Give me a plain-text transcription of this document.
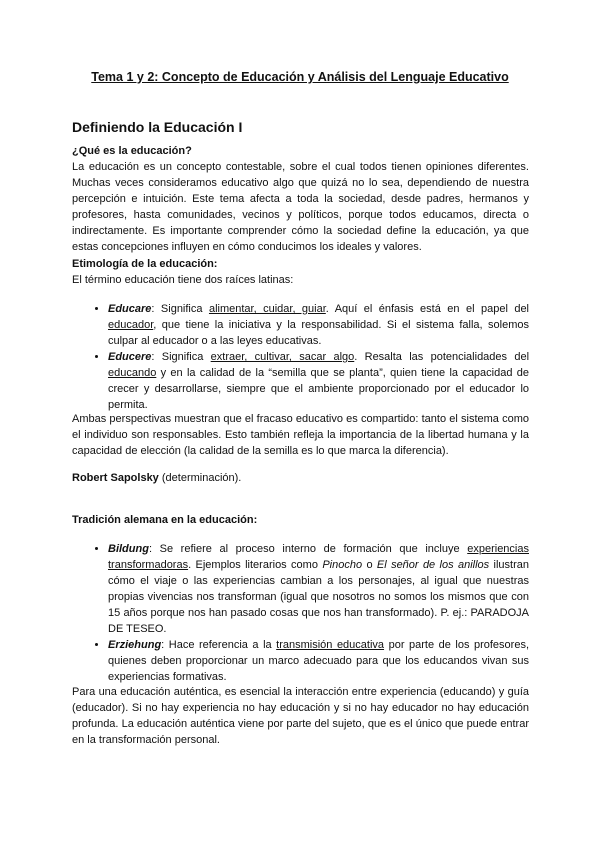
Tema 1 y 2: Concepto de Educación y Análisis del Lenguaje Educativo
Definiendo la Educación I
¿Qué es la educación?
La educación es un concepto contestable, sobre el cual todos tienen opiniones diferentes. Muchas veces consideramos educativo algo que quizá no lo sea, dependiendo de nuestra percepción e intuición. Este tema afecta a toda la sociedad, desde padres, hermanos y profesores, hasta comunidades, vecinos y políticos, porque todos educamos, directa o indirectamente. Es importante comprender cómo la sociedad define la educación, ya que estas concepciones influyen en cómo conducimos los ideales y valores.
Etimología de la educación:
El término educación tiene dos raíces latinas:
• Educare: Significa alimentar, cuidar, guiar. Aquí el énfasis está en el papel del educador, que tiene la iniciativa y la responsabilidad. Si el sistema falla, solemos culpar al educador o a las leyes educativas.
• Educere: Significa extraer, cultivar, sacar algo. Resalta las potencialidades del educando y en la calidad de la “semilla que se planta”, quien tiene la capacidad de crecer y desarrollarse, siempre que el ambiente proporcionado por el educador lo permita.
Ambas perspectivas muestran que el fracaso educativo es compartido: tanto el sistema como el individuo son responsables. Esto también refleja la importancia de la libertad humana y la capacidad de elección (la calidad de la semilla es lo que marca la diferencia).
Robert Sapolsky (determinación).
Tradición alemana en la educación:
• Bildung: Se refiere al proceso interno de formación que incluye experiencias transformadoras. Ejemplos literarios como Pinocho o El señor de los anillos ilustran cómo el viaje o las experiencias cambian a los personajes, al igual que nuestras propias vivencias nos transforman (igual que nosotros no somos los mismos que con 15 años porque nos han pasado cosas que nos han transformado). P. ej.: PARADOJA DE TESEO.
• Erziehung: Hace referencia a la transmisión educativa por parte de los profesores, quienes deben proporcionar un marco adecuado para que los educandos vivan sus experiencias formativas.
Para una educación auténtica, es esencial la interacción entre experiencia (educando) y guía (educador). Si no hay experiencia no hay educación y si no hay educador no hay educación profunda. La educación auténtica viene por parte del sujeto, que es el único que puede entrar en la transformación personal.
